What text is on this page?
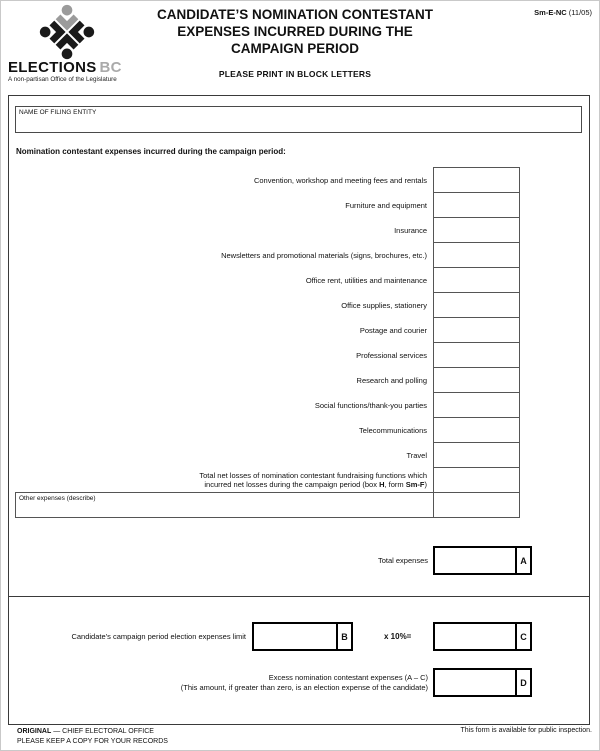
ELECTIONS BC
A non-partisan Office of the Legislature
Sm-E-NC (11/05)
CANDIDATE’S NOMINATION CONTESTANT
EXPENSES INCURRED DURING THE
CAMPAIGN PERIOD
PLEASE PRINT IN BLOCK LETTERS
NAME OF FILING ENTITY
Nomination contestant expenses incurred during the campaign period:
Convention, workshop and meeting fees and rentals
Furniture and equipment
Insurance
Newsletters and promotional materials (signs, brochures, etc.)
Office rent, utilities and maintenance
Office supplies, stationery
Postage and courier
Professional services
Research and polling
Social functions/thank-you parties
Telecommunications
Travel
Total net losses of nomination contestant fundraising functions which
incurred net losses during the campaign period (box H, form Sm-F)
Other expenses (describe)
Total expenses	A
Candidate’s campaign period election expenses limit	B	x 10%=	C
Excess nomination contestant expenses (A – C)
(This amount, if greater than zero, is an election expense of the candidate)	D
ORIGINAL — CHIEF ELECTORAL OFFICE
PLEASE KEEP A COPY FOR YOUR RECORDS
This form is available for public inspection.
